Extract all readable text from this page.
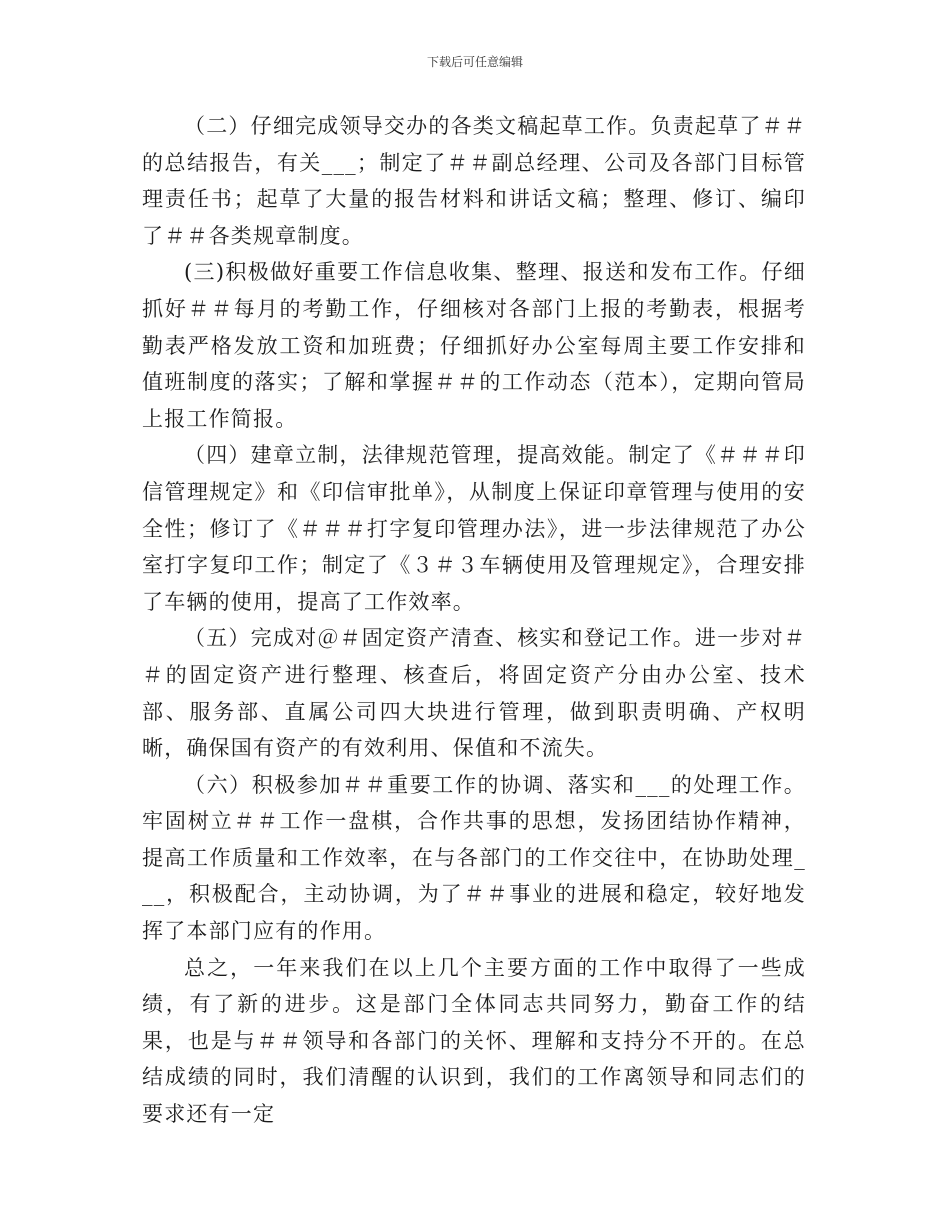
下载后可任意编辑

（二）仔细完成领导交办的各类文稿起草工作。负责起草了＃＃的总结报告，有关___；制定了＃＃副总经理、公司及各部门目标管理责任书；起草了大量的报告材料和讲话文稿；整理、修订、编印了＃＃各类规章制度。

(三)积极做好重要工作信息收集、整理、报送和发布工作。仔细抓好＃＃每月的考勤工作，仔细核对各部门上报的考勤表，根据考勤表严格发放工资和加班费；仔细抓好办公室每周主要工作安排和值班制度的落实；了解和掌握＃＃的工作动态（范本），定期向管局上报工作简报。

（四）建章立制，法律规范管理，提高效能。制定了《＃＃＃印信管理规定》和《印信审批单》，从制度上保证印章管理与使用的安全性；修订了《＃＃＃打字复印管理办法》，进一步法律规范了办公室打字复印工作；制定了《３＃３车辆使用及管理规定》，合理安排了车辆的使用，提高了工作效率。

（五）完成对＠＃固定资产清查、核实和登记工作。进一步对＃＃的固定资产进行整理、核查后，将固定资产分由办公室、技术部、服务部、直属公司四大块进行管理，做到职责明确、产权明晰，确保国有资产的有效利用、保值和不流失。

（六）积极参加＃＃重要工作的协调、落实和___的处理工作。牢固树立＃＃工作一盘棋，合作共事的思想，发扬团结协作精神，提高工作质量和工作效率，在与各部门的工作交往中，在协助处理___，积极配合，主动协调，为了＃＃事业的进展和稳定，较好地发挥了本部门应有的作用。

总之，一年来我们在以上几个主要方面的工作中取得了一些成绩，有了新的进步。这是部门全体同志共同努力，勤奋工作的结果，也是与＃＃领导和各部门的关怀、理解和支持分不开的。在总结成绩的同时，我们清醒的认识到，我们的工作离领导和同志们的要求还有一定
